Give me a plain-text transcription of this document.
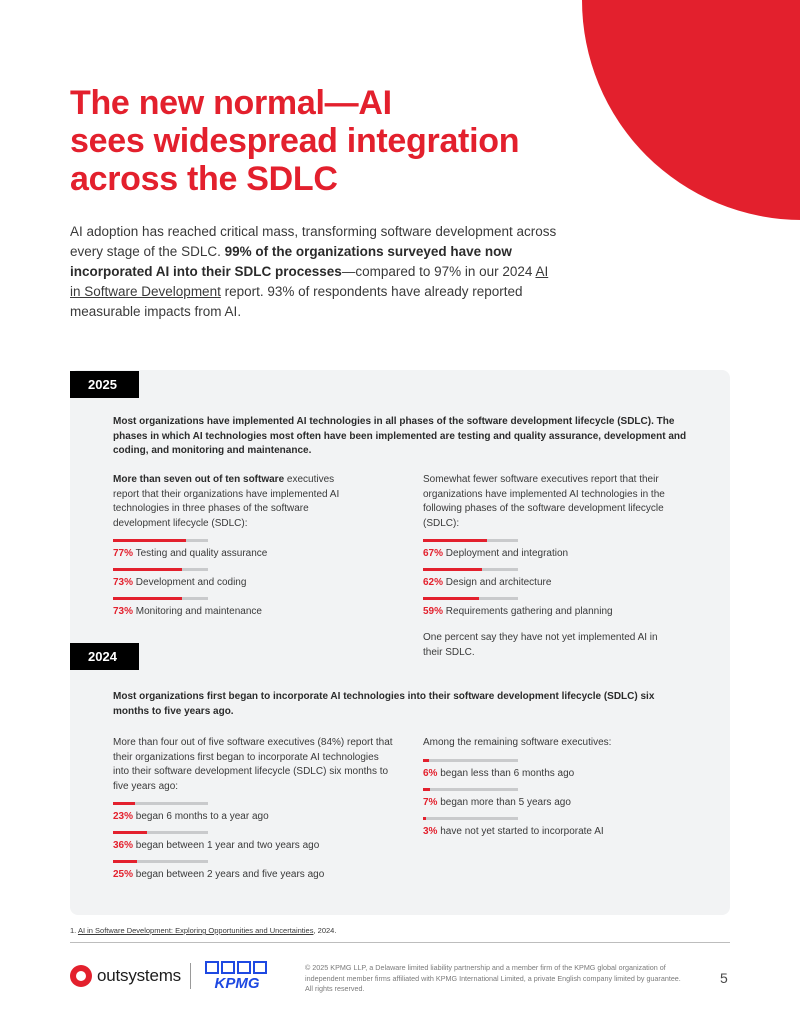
The new normal—AI
sees widespread integration
across the SDLC

AI adoption has reached critical mass, transforming software development across every stage of the SDLC. 99% of the organizations surveyed have now incorporated AI into their SDLC processes—compared to 97% in our 2024 AI in Software Development report. 93% of respondents have already reported measurable impacts from AI.

2025

Most organizations have implemented AI technologies in all phases of the software development lifecycle (SDLC). The phases in which AI technologies most often have been implemented are testing and quality assurance, development and coding, and monitoring and maintenance.

More than seven out of ten software executives report that their organizations have implemented AI technologies in three phases of the software development lifecycle (SDLC):

77% Testing and quality assurance
73% Development and coding
73% Monitoring and maintenance

Somewhat fewer software executives report that their organizations have implemented AI technologies in the following phases of the software development lifecycle (SDLC):

67% Deployment and integration
62% Design and architecture
59% Requirements gathering and planning

One percent say they have not yet implemented AI in their SDLC.

2024

Most organizations first began to incorporate AI technologies into their software development lifecycle (SDLC) six months to five years ago.

More than four out of five software executives (84%) report that their organizations first began to incorporate AI technologies into their software development lifecycle (SDLC) six months to five years ago:

23% began 6 months to a year ago
36% began between 1 year and two years ago
25% began between 2 years and five years ago

Among the remaining software executives:

6% began less than 6 months ago
7% began more than 5 years ago
3% have not yet started to incorporate AI

1. AI in Software Development: Exploring Opportunities and Uncertainties, 2024.

outsystems KPMG

© 2025 KPMG LLP, a Delaware limited liability partnership and a member firm of the KPMG global organization of independent member firms affiliated with KPMG International Limited, a private English company limited by guarantee. All rights reserved.

5
